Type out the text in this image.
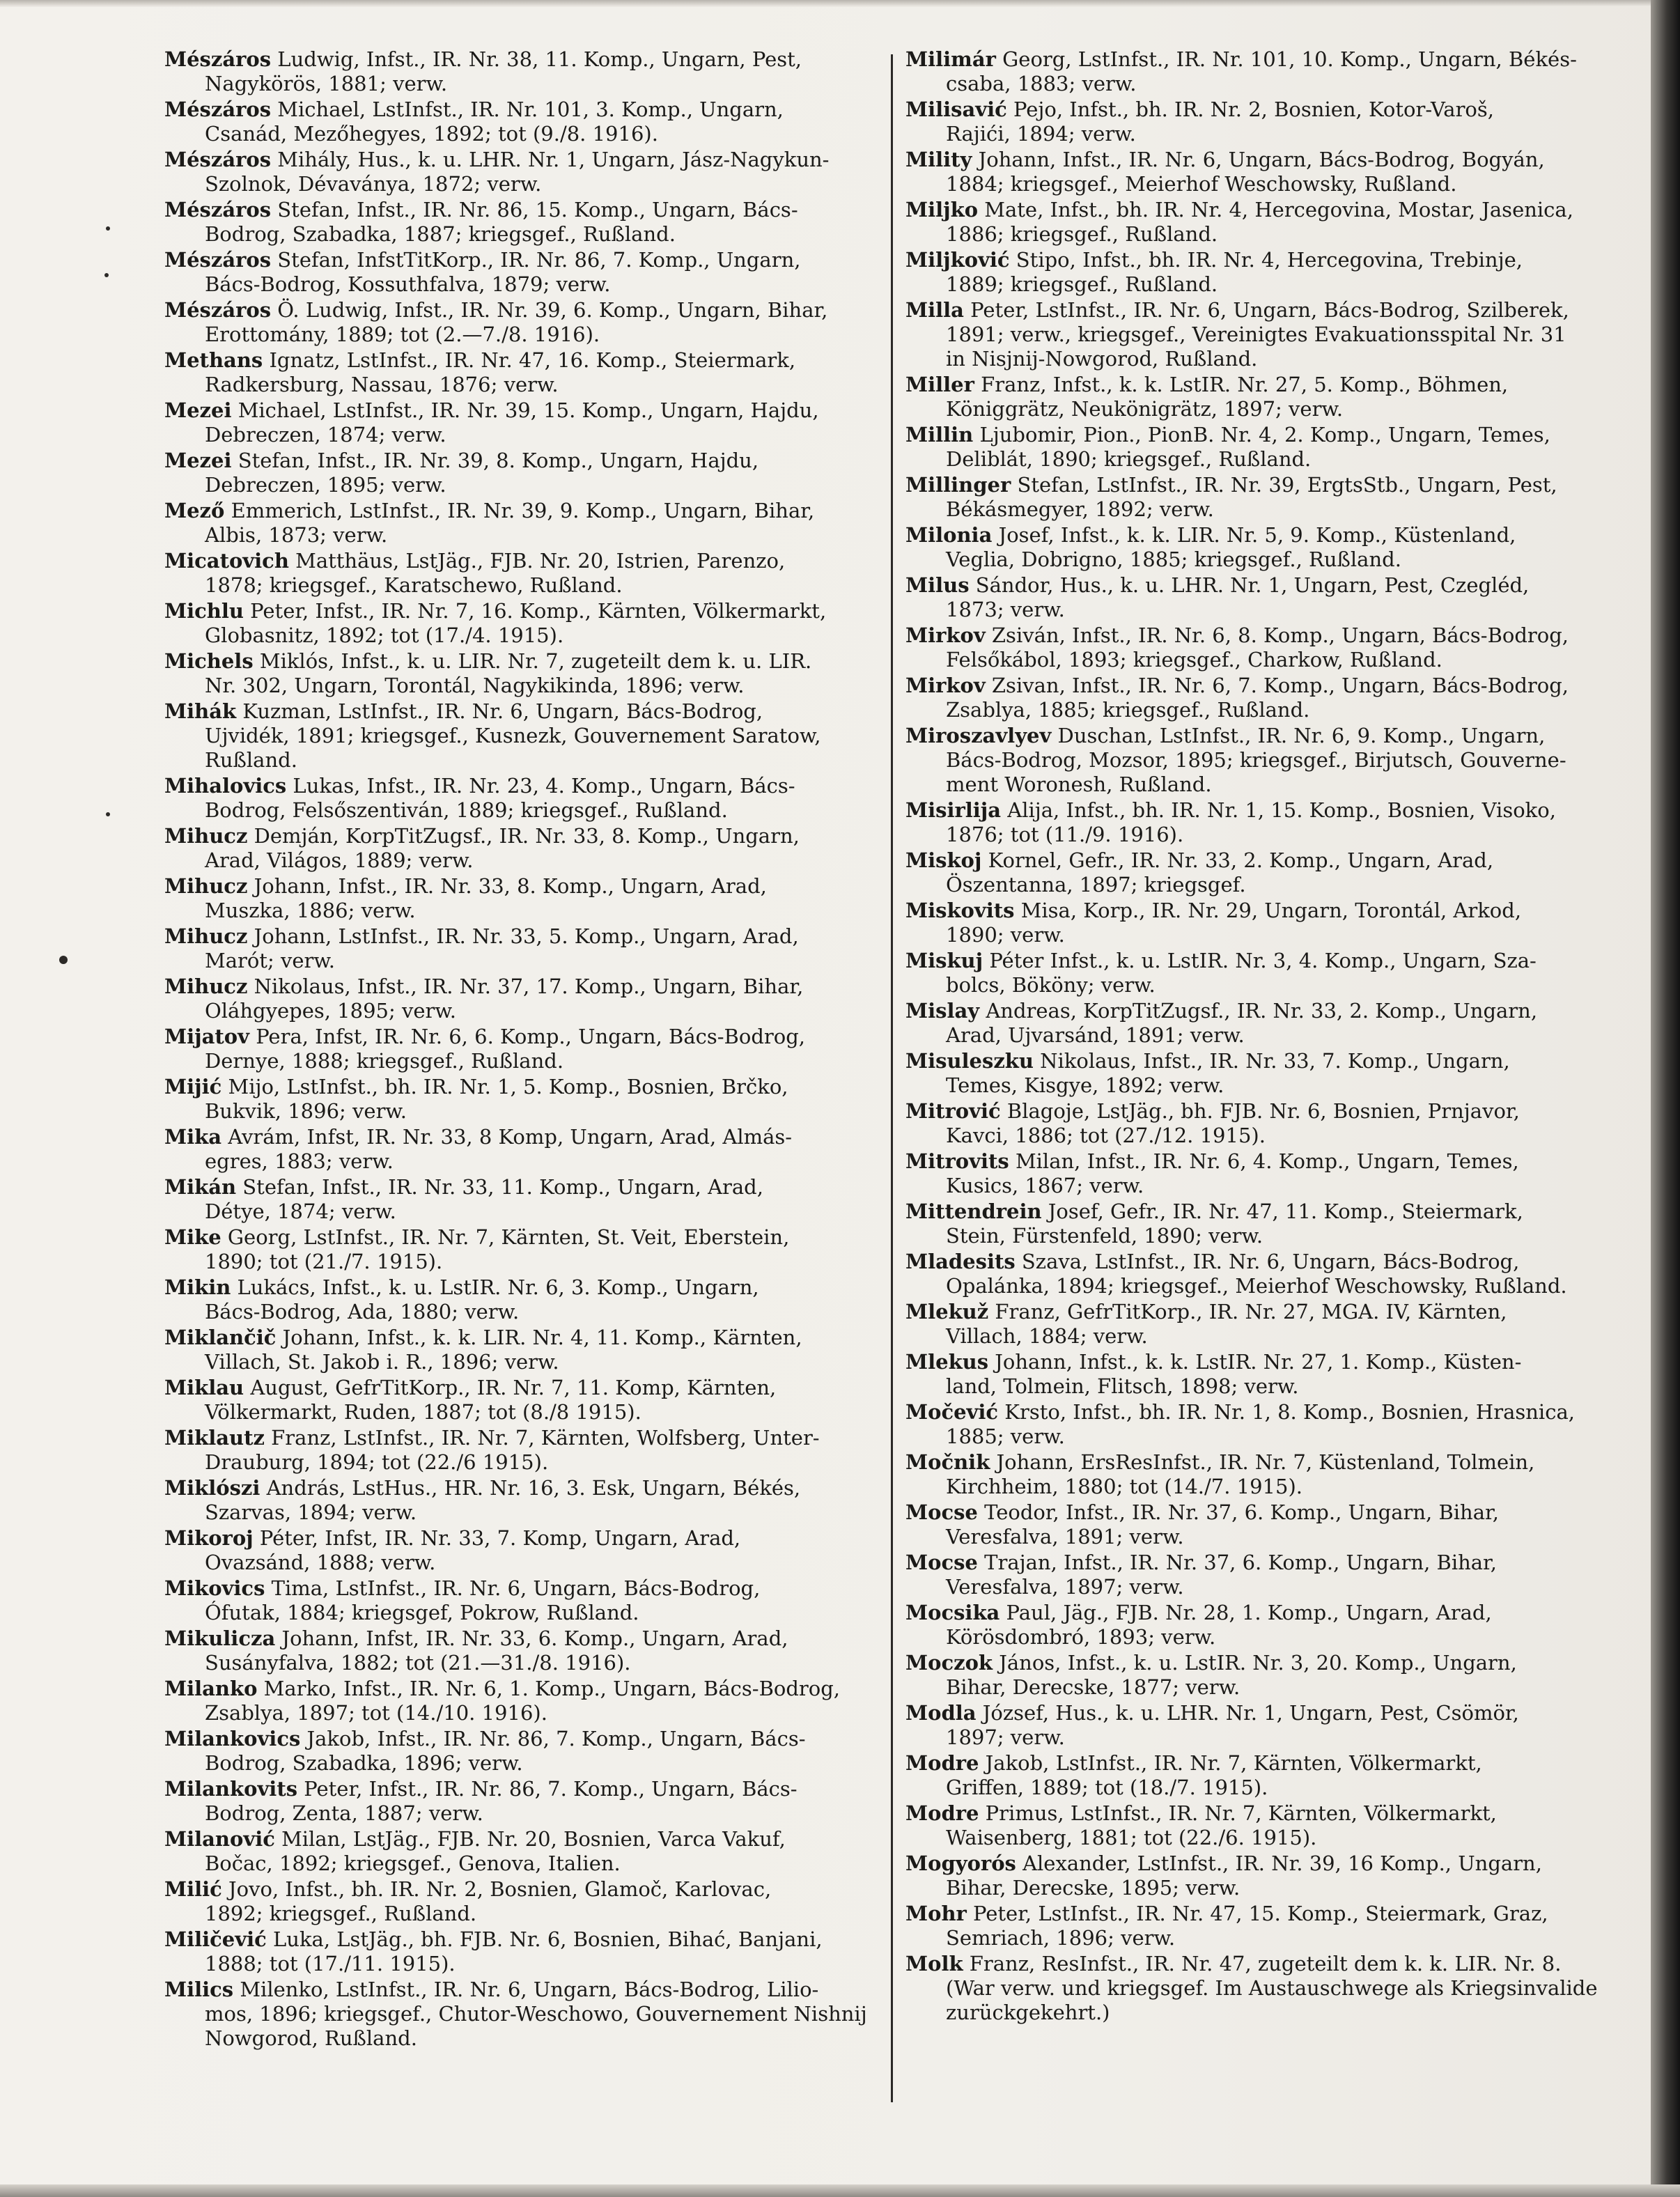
Mészáros Ludwig, Infst., IR. Nr. 38, 11. Komp., Ungarn, Pest,
Nagykörös, 1881; verw.
Mészáros Michael, LstInfst., IR. Nr. 101, 3. Komp., Ungarn,
Csanád, Mezőhegyes, 1892; tot (9./8. 1916).
Mészáros Mihály, Hus., k. u. LHR. Nr. 1, Ungarn, Jász-Nagykun-
Szolnok, Dévaványa, 1872; verw.
Mészáros Stefan, Infst., IR. Nr. 86, 15. Komp., Ungarn, Bács-
Bodrog, Szabadka, 1887; kriegsgef., Rußland.
Mészáros Stefan, InfstTitKorp., IR. Nr. 86, 7. Komp., Ungarn,
Bács-Bodrog, Kossuthfalva, 1879; verw.
Mészáros Ö. Ludwig, Infst., IR. Nr. 39, 6. Komp., Ungarn, Bihar,
Erottomány, 1889; tot (2.—7./8. 1916).
Methans Ignatz, LstInfst., IR. Nr. 47, 16. Komp., Steiermark,
Radkersburg, Nassau, 1876; verw.
Mezei Michael, LstInfst., IR. Nr. 39, 15. Komp., Ungarn, Hajdu,
Debreczen, 1874; verw.
Mezei Stefan, Infst., IR. Nr. 39, 8. Komp., Ungarn, Hajdu,
Debreczen, 1895; verw.
Mező Emmerich, LstInfst., IR. Nr. 39, 9. Komp., Ungarn, Bihar,
Albis, 1873; verw.
Micatovich Matthäus, LstJäg., FJB. Nr. 20, Istrien, Parenzo,
1878; kriegsgef., Karatschewo, Rußland.
Michlu Peter, Infst., IR. Nr. 7, 16. Komp., Kärnten, Völkermarkt,
Globasnitz, 1892; tot (17./4. 1915).
Michels Miklós, Infst., k. u. LIR. Nr. 7, zugeteilt dem k. u. LIR.
Nr. 302, Ungarn, Torontál, Nagykikinda, 1896; verw.
Mihák Kuzman, LstInfst., IR. Nr. 6, Ungarn, Bács-Bodrog,
Ujvidék, 1891; kriegsgef., Kusnezk, Gouvernement Saratow,
Rußland.
Mihalovics Lukas, Infst., IR. Nr. 23, 4. Komp., Ungarn, Bács-
Bodrog, Felsőszentiván, 1889; kriegsgef., Rußland.
Mihucz Demján, KorpTitZugsf., IR. Nr. 33, 8. Komp., Ungarn,
Arad, Világos, 1889; verw.
Mihucz Johann, Infst., IR. Nr. 33, 8. Komp., Ungarn, Arad,
Muszka, 1886; verw.
Mihucz Johann, LstInfst., IR. Nr. 33, 5. Komp., Ungarn, Arad,
Marót; verw.
Mihucz Nikolaus, Infst., IR. Nr. 37, 17. Komp., Ungarn, Bihar,
Oláhgyepes, 1895; verw.
Mijatov Pera, Infst, IR. Nr. 6, 6. Komp., Ungarn, Bács-Bodrog,
Dernye, 1888; kriegsgef., Rußland.
Mijić Mijo, LstInfst., bh. IR. Nr. 1, 5. Komp., Bosnien, Brčko,
Bukvik, 1896; verw.
Mika Avrám, Infst, IR. Nr. 33, 8 Komp, Ungarn, Arad, Almás-
egres, 1883; verw.
Mikán Stefan, Infst., IR. Nr. 33, 11. Komp., Ungarn, Arad,
Détye, 1874; verw.
Mike Georg, LstInfst., IR. Nr. 7, Kärnten, St. Veit, Eberstein,
1890; tot (21./7. 1915).
Mikin Lukács, Infst., k. u. LstIR. Nr. 6, 3. Komp., Ungarn,
Bács-Bodrog, Ada, 1880; verw.
Miklančič Johann, Infst., k. k. LIR. Nr. 4, 11. Komp., Kärnten,
Villach, St. Jakob i. R., 1896; verw.
Miklau August, GefrTitKorp., IR. Nr. 7, 11. Komp, Kärnten,
Völkermarkt, Ruden, 1887; tot (8./8 1915).
Miklautz Franz, LstInfst., IR. Nr. 7, Kärnten, Wolfsberg, Unter-
Drauburg, 1894; tot (22./6 1915).
Miklószi András, LstHus., HR. Nr. 16, 3. Esk, Ungarn, Békés,
Szarvas, 1894; verw.
Mikoroj Péter, Infst, IR. Nr. 33, 7. Komp, Ungarn, Arad,
Ovazsánd, 1888; verw.
Mikovics Tima, LstInfst., IR. Nr. 6, Ungarn, Bács-Bodrog,
Ófutak, 1884; kriegsgef, Pokrow, Rußland.
Mikulicza Johann, Infst, IR. Nr. 33, 6. Komp., Ungarn, Arad,
Susányfalva, 1882; tot (21.—31./8. 1916).
Milanko Marko, Infst., IR. Nr. 6, 1. Komp., Ungarn, Bács-Bodrog,
Zsablya, 1897; tot (14./10. 1916).
Milankovics Jakob, Infst., IR. Nr. 86, 7. Komp., Ungarn, Bács-
Bodrog, Szabadka, 1896; verw.
Milankovits Peter, Infst., IR. Nr. 86, 7. Komp., Ungarn, Bács-
Bodrog, Zenta, 1887; verw.
Milanović Milan, LstJäg., FJB. Nr. 20, Bosnien, Varca Vakuf,
Bočac, 1892; kriegsgef., Genova, Italien.
Milić Jovo, Infst., bh. IR. Nr. 2, Bosnien, Glamoč, Karlovac,
1892; kriegsgef., Rußland.
Miličević Luka, LstJäg., bh. FJB. Nr. 6, Bosnien, Bihać, Banjani,
1888; tot (17./11. 1915).
Milics Milenko, LstInfst., IR. Nr. 6, Ungarn, Bács-Bodrog, Lilio-
mos, 1896; kriegsgef., Chutor-Weschowo, Gouvernement Nishnij
Nowgorod, Rußland.
Milimár Georg, LstInfst., IR. Nr. 101, 10. Komp., Ungarn, Békés-
csaba, 1883; verw.
Milisavić Pejo, Infst., bh. IR. Nr. 2, Bosnien, Kotor-Varoš,
Rajići, 1894; verw.
Mility Johann, Infst., IR. Nr. 6, Ungarn, Bács-Bodrog, Bogyán,
1884; kriegsgef., Meierhof Weschowsky, Rußland.
Miljko Mate, Infst., bh. IR. Nr. 4, Hercegovina, Mostar, Jasenica,
1886; kriegsgef., Rußland.
Miljković Stipo, Infst., bh. IR. Nr. 4, Hercegovina, Trebinje,
1889; kriegsgef., Rußland.
Milla Peter, LstInfst., IR. Nr. 6, Ungarn, Bács-Bodrog, Szilberek,
1891; verw., kriegsgef., Vereinigtes Evakuationsspital Nr. 31
in Nisjnij-Nowgorod, Rußland.
Miller Franz, Infst., k. k. LstIR. Nr. 27, 5. Komp., Böhmen,
Königgrätz, Neukönigrätz, 1897; verw.
Millin Ljubomir, Pion., PionB. Nr. 4, 2. Komp., Ungarn, Temes,
Deliblát, 1890; kriegsgef., Rußland.
Millinger Stefan, LstInfst., IR. Nr. 39, ErgtsStb., Ungarn, Pest,
Békásmegyer, 1892; verw.
Milonia Josef, Infst., k. k. LIR. Nr. 5, 9. Komp., Küstenland,
Veglia, Dobrigno, 1885; kriegsgef., Rußland.
Milus Sándor, Hus., k. u. LHR. Nr. 1, Ungarn, Pest, Czegléd,
1873; verw.
Mirkov Zsiván, Infst., IR. Nr. 6, 8. Komp., Ungarn, Bács-Bodrog,
Felsőkábol, 1893; kriegsgef., Charkow, Rußland.
Mirkov Zsivan, Infst., IR. Nr. 6, 7. Komp., Ungarn, Bács-Bodrog,
Zsablya, 1885; kriegsgef., Rußland.
Miroszavlyev Duschan, LstInfst., IR. Nr. 6, 9. Komp., Ungarn,
Bács-Bodrog, Mozsor, 1895; kriegsgef., Birjutsch, Gouverne-
ment Woronesh, Rußland.
Misirlija Alija, Infst., bh. IR. Nr. 1, 15. Komp., Bosnien, Visoko,
1876; tot (11./9. 1916).
Miskoj Kornel, Gefr., IR. Nr. 33, 2. Komp., Ungarn, Arad,
Öszentanna, 1897; kriegsgef.
Miskovits Misa, Korp., IR. Nr. 29, Ungarn, Torontál, Arkod,
1890; verw.
Miskuj Péter Infst., k. u. LstIR. Nr. 3, 4. Komp., Ungarn, Sza-
bolcs, Bököny; verw.
Mislay Andreas, KorpTitZugsf., IR. Nr. 33, 2. Komp., Ungarn,
Arad, Ujvarsánd, 1891; verw.
Misuleszku Nikolaus, Infst., IR. Nr. 33, 7. Komp., Ungarn,
Temes, Kisgye, 1892; verw.
Mitrović Blagoje, LstJäg., bh. FJB. Nr. 6, Bosnien, Prnjavor,
Kavci, 1886; tot (27./12. 1915).
Mitrovits Milan, Infst., IR. Nr. 6, 4. Komp., Ungarn, Temes,
Kusics, 1867; verw.
Mittendrein Josef, Gefr., IR. Nr. 47, 11. Komp., Steiermark,
Stein, Fürstenfeld, 1890; verw.
Mladesits Szava, LstInfst., IR. Nr. 6, Ungarn, Bács-Bodrog,
Opalánka, 1894; kriegsgef., Meierhof Weschowsky, Rußland.
Mlekuž Franz, GefrTitKorp., IR. Nr. 27, MGA. IV, Kärnten,
Villach, 1884; verw.
Mlekus Johann, Infst., k. k. LstIR. Nr. 27, 1. Komp., Küsten-
land, Tolmein, Flitsch, 1898; verw.
Močević Krsto, Infst., bh. IR. Nr. 1, 8. Komp., Bosnien, Hrasnica,
1885; verw.
Močnik Johann, ErsResInfst., IR. Nr. 7, Küstenland, Tolmein,
Kirchheim, 1880; tot (14./7. 1915).
Mocse Teodor, Infst., IR. Nr. 37, 6. Komp., Ungarn, Bihar,
Veresfalva, 1891; verw.
Mocse Trajan, Infst., IR. Nr. 37, 6. Komp., Ungarn, Bihar,
Veresfalva, 1897; verw.
Mocsika Paul, Jäg., FJB. Nr. 28, 1. Komp., Ungarn, Arad,
Körösdombró, 1893; verw.
Moczok János, Infst., k. u. LstIR. Nr. 3, 20. Komp., Ungarn,
Bihar, Derecske, 1877; verw.
Modla József, Hus., k. u. LHR. Nr. 1, Ungarn, Pest, Csömör,
1897; verw.
Modre Jakob, LstInfst., IR. Nr. 7, Kärnten, Völkermarkt,
Griffen, 1889; tot (18./7. 1915).
Modre Primus, LstInfst., IR. Nr. 7, Kärnten, Völkermarkt,
Waisenberg, 1881; tot (22./6. 1915).
Mogyorós Alexander, LstInfst., IR. Nr. 39, 16 Komp., Ungarn,
Bihar, Derecske, 1895; verw.
Mohr Peter, LstInfst., IR. Nr. 47, 15. Komp., Steiermark, Graz,
Semriach, 1896; verw.
Molk Franz, ResInfst., IR. Nr. 47, zugeteilt dem k. k. LIR. Nr. 8.
(War verw. und kriegsgef. Im Austauschwege als Kriegsinvalide
zurückgekehrt.)
